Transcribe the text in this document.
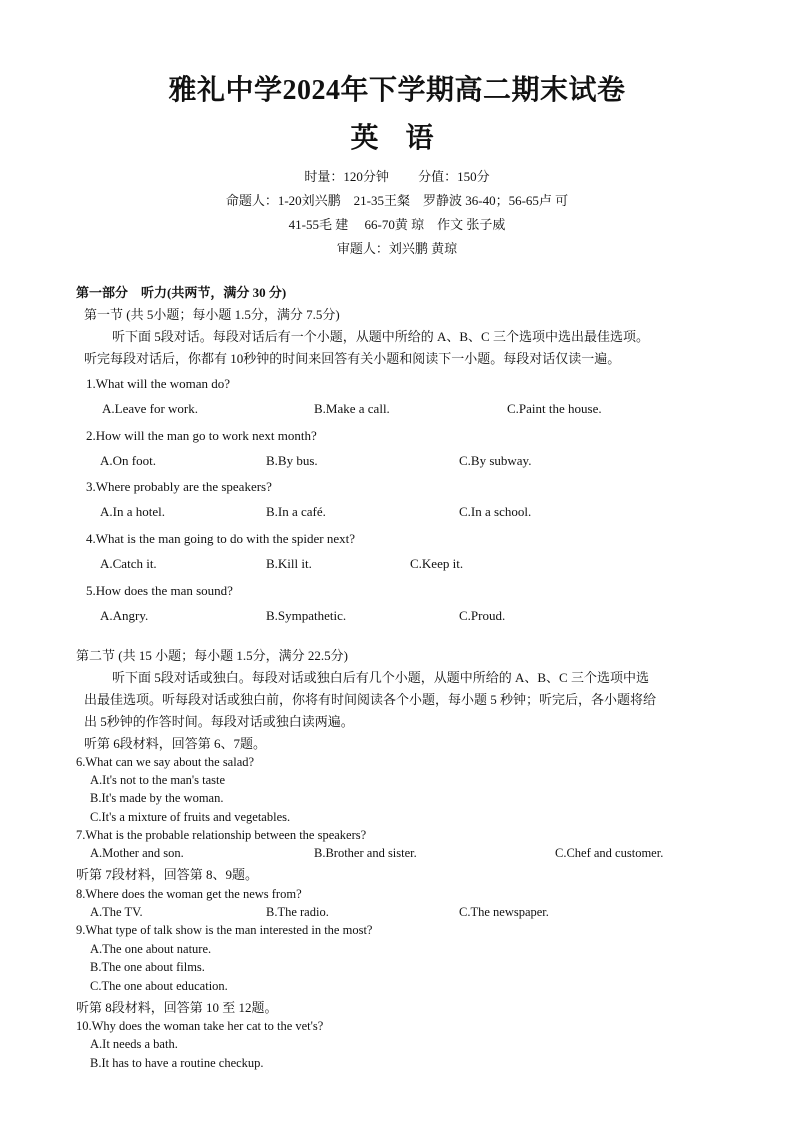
雅礼中学2024年下学期高二期末试卷
英 语
时量：120分钟　　 分值：150分
命题人：1-20刘兴鹏　21-35王粲　罗静波 36-40；56-65卢 可
41-55毛 建　 66-70黄 琼　作文 张子威
审题人：刘兴鹏 黄琼
第一部分　听力(共两节，满分 30 分)
第一节 (共 5小题；每小题 1.5分，满分 7.5分)
听下面 5段对话。每段对话后有一个小题，从题中所给的 A、B、C 三个选项中选出最佳选项。
听完每段对话后，你都有 10秒钟的时间来回答有关小题和阅读下一小题。每段对话仅读一遍。
1.What will the woman do?
A.Leave for work.	B.Make a call.	C.Paint the house.
2.How will the man go to work next month?
A.On foot.	B.By bus.	C.By subway.
3.Where probably are the speakers?
A.In a hotel.	B.In a café.	C.In a school.
4.What is the man going to do with the spider next?
A.Catch it.	B.Kill it.	C.Keep it.
5.How does the man sound?
A.Angry.	B.Sympathetic.	C.Proud.
第二节 (共 15 小题；每小题 1.5分，满分 22.5分)
听下面 5段对话或独白。每段对话或独白后有几个小题，从题中所给的 A、B、C 三个选项中选
出最佳选项。听每段对话或独白前，你将有时间阅读各个小题，每小题 5 秒钟；听完后，各小题将给
出 5秒钟的作答时间。每段对话或独白读两遍。
听第 6段材料，回答第 6、7题。
6.What can we say about the salad?
A.It's not to the man's taste
B.It's made by the woman.
C.It's a mixture of fruits and vegetables.
7.What is the probable relationship between the speakers?
A.Mother and son.	B.Brother and sister.	C.Chef and customer.
听第 7段材料，回答第 8、9题。
8.Where does the woman get the news from?
A.The TV.	B.The radio.	C.The newspaper.
9.What type of talk show is the man interested in the most?
A.The one about nature.
B.The one about films.
C.The one about education.
听第 8段材料，回答第 10 至 12题。
10.Why does the woman take her cat to the vet's?
A.It needs a bath.
B.It has to have a routine checkup.
